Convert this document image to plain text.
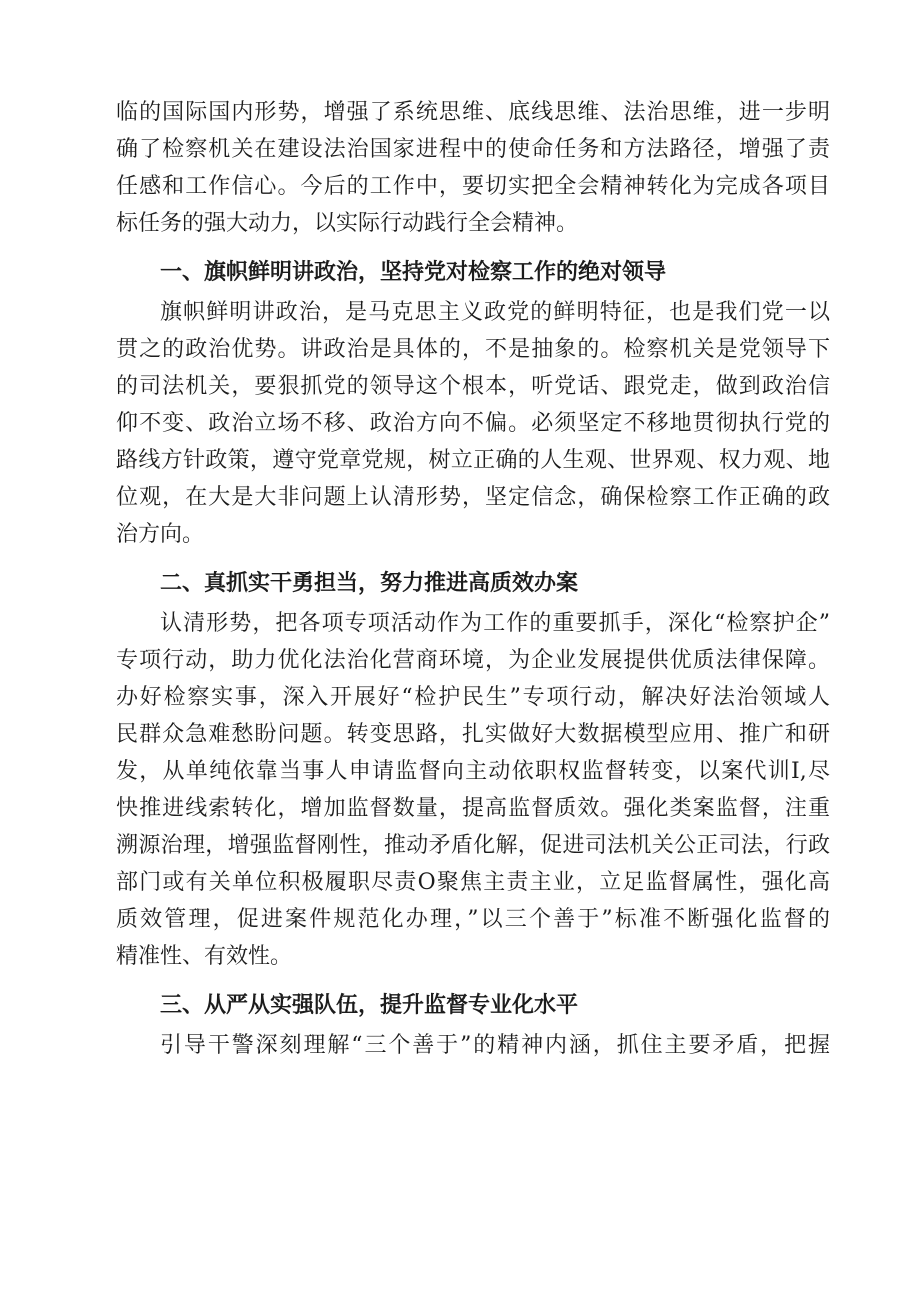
临的国际国内形势，增强了系统思维、底线思维、法治思维，进一步明
确了检察机关在建设法治国家进程中的使命任务和方法路径，增强了责
任感和工作信心。今后的工作中，要切实把全会精神转化为完成各项目
标任务的强大动力，以实际行动践行全会精神。
一、旗帜鲜明讲政治，坚持党对检察工作的绝对领导
旗帜鲜明讲政治，是马克思主义政党的鲜明特征，也是我们党一以
贯之的政治优势。讲政治是具体的，不是抽象的。检察机关是党领导下
的司法机关，要狠抓党的领导这个根本，听党话、跟党走，做到政治信
仰不变、政治立场不移、政治方向不偏。必须坚定不移地贯彻执行党的
路线方针政策，遵守党章党规，树立正确的人生观、世界观、权力观、地
位观，在大是大非问题上认清形势，坚定信念，确保检察工作正确的政
治方向。
二、真抓实干勇担当，努力推进高质效办案
认清形势，把各项专项活动作为工作的重要抓手，深化“检察护企”
专项行动，助力优化法治化营商环境，为企业发展提供优质法律保障。
办好检察实事，深入开展好“检护民生”专项行动，解决好法治领域人
民群众急难愁盼问题。转变思路，扎实做好大数据模型应用、推广和研
发，从单纯依靠当事人申请监督向主动依职权监督转变，以案代训I,尽
快推进线索转化，增加监督数量，提高监督质效。强化类案监督，注重
溯源治理，增强监督刚性，推动矛盾化解，促进司法机关公正司法，行政
部门或有关单位积极履职尽责O聚焦主责主业，立足监督属性，强化高
质效管理，促进案件规范化办理，”以三个善于”标准不断强化监督的
精准性、有效性。
三、从严从实强队伍，提升监督专业化水平
引导干警深刻理解“三个善于”的精神内涵，抓住主要矛盾，把握
